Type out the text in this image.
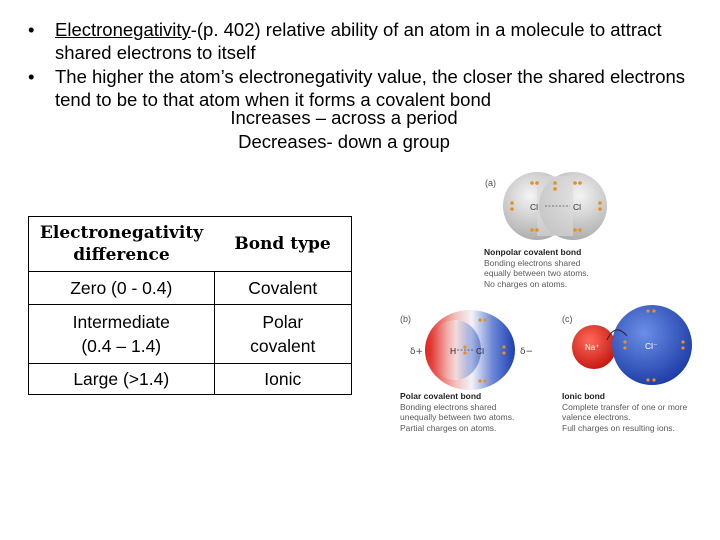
• Electronegativity-(p. 402) relative ability of an atom in a molecule to attract shared electrons to itself
• The higher the atom’s electronegativity value, the closer the shared electrons tend to be to that atom when it forms a covalent bond
Increases – across a period
Decreases- down a group
Electronegativity difference	Bond type
Zero (0 - 0.4)	Covalent

Intermediate (0.4 – 1.4)	Polar covalent

Large (>1.4)	Ionic
(a)
Cl	Cl
(b)
δ+	δ−
H Cl
(c)
Na⁺	Cl⁻
Nonpolar covalent bond
Bonding electrons shared
equally between two atoms.
No charges on atoms.
Polar covalent bond
Bonding electrons shared
unequally between two atoms.
Partial charges on atoms.
Ionic bond
Complete transfer of one or more
valence electrons.
Full charges on resulting ions.
